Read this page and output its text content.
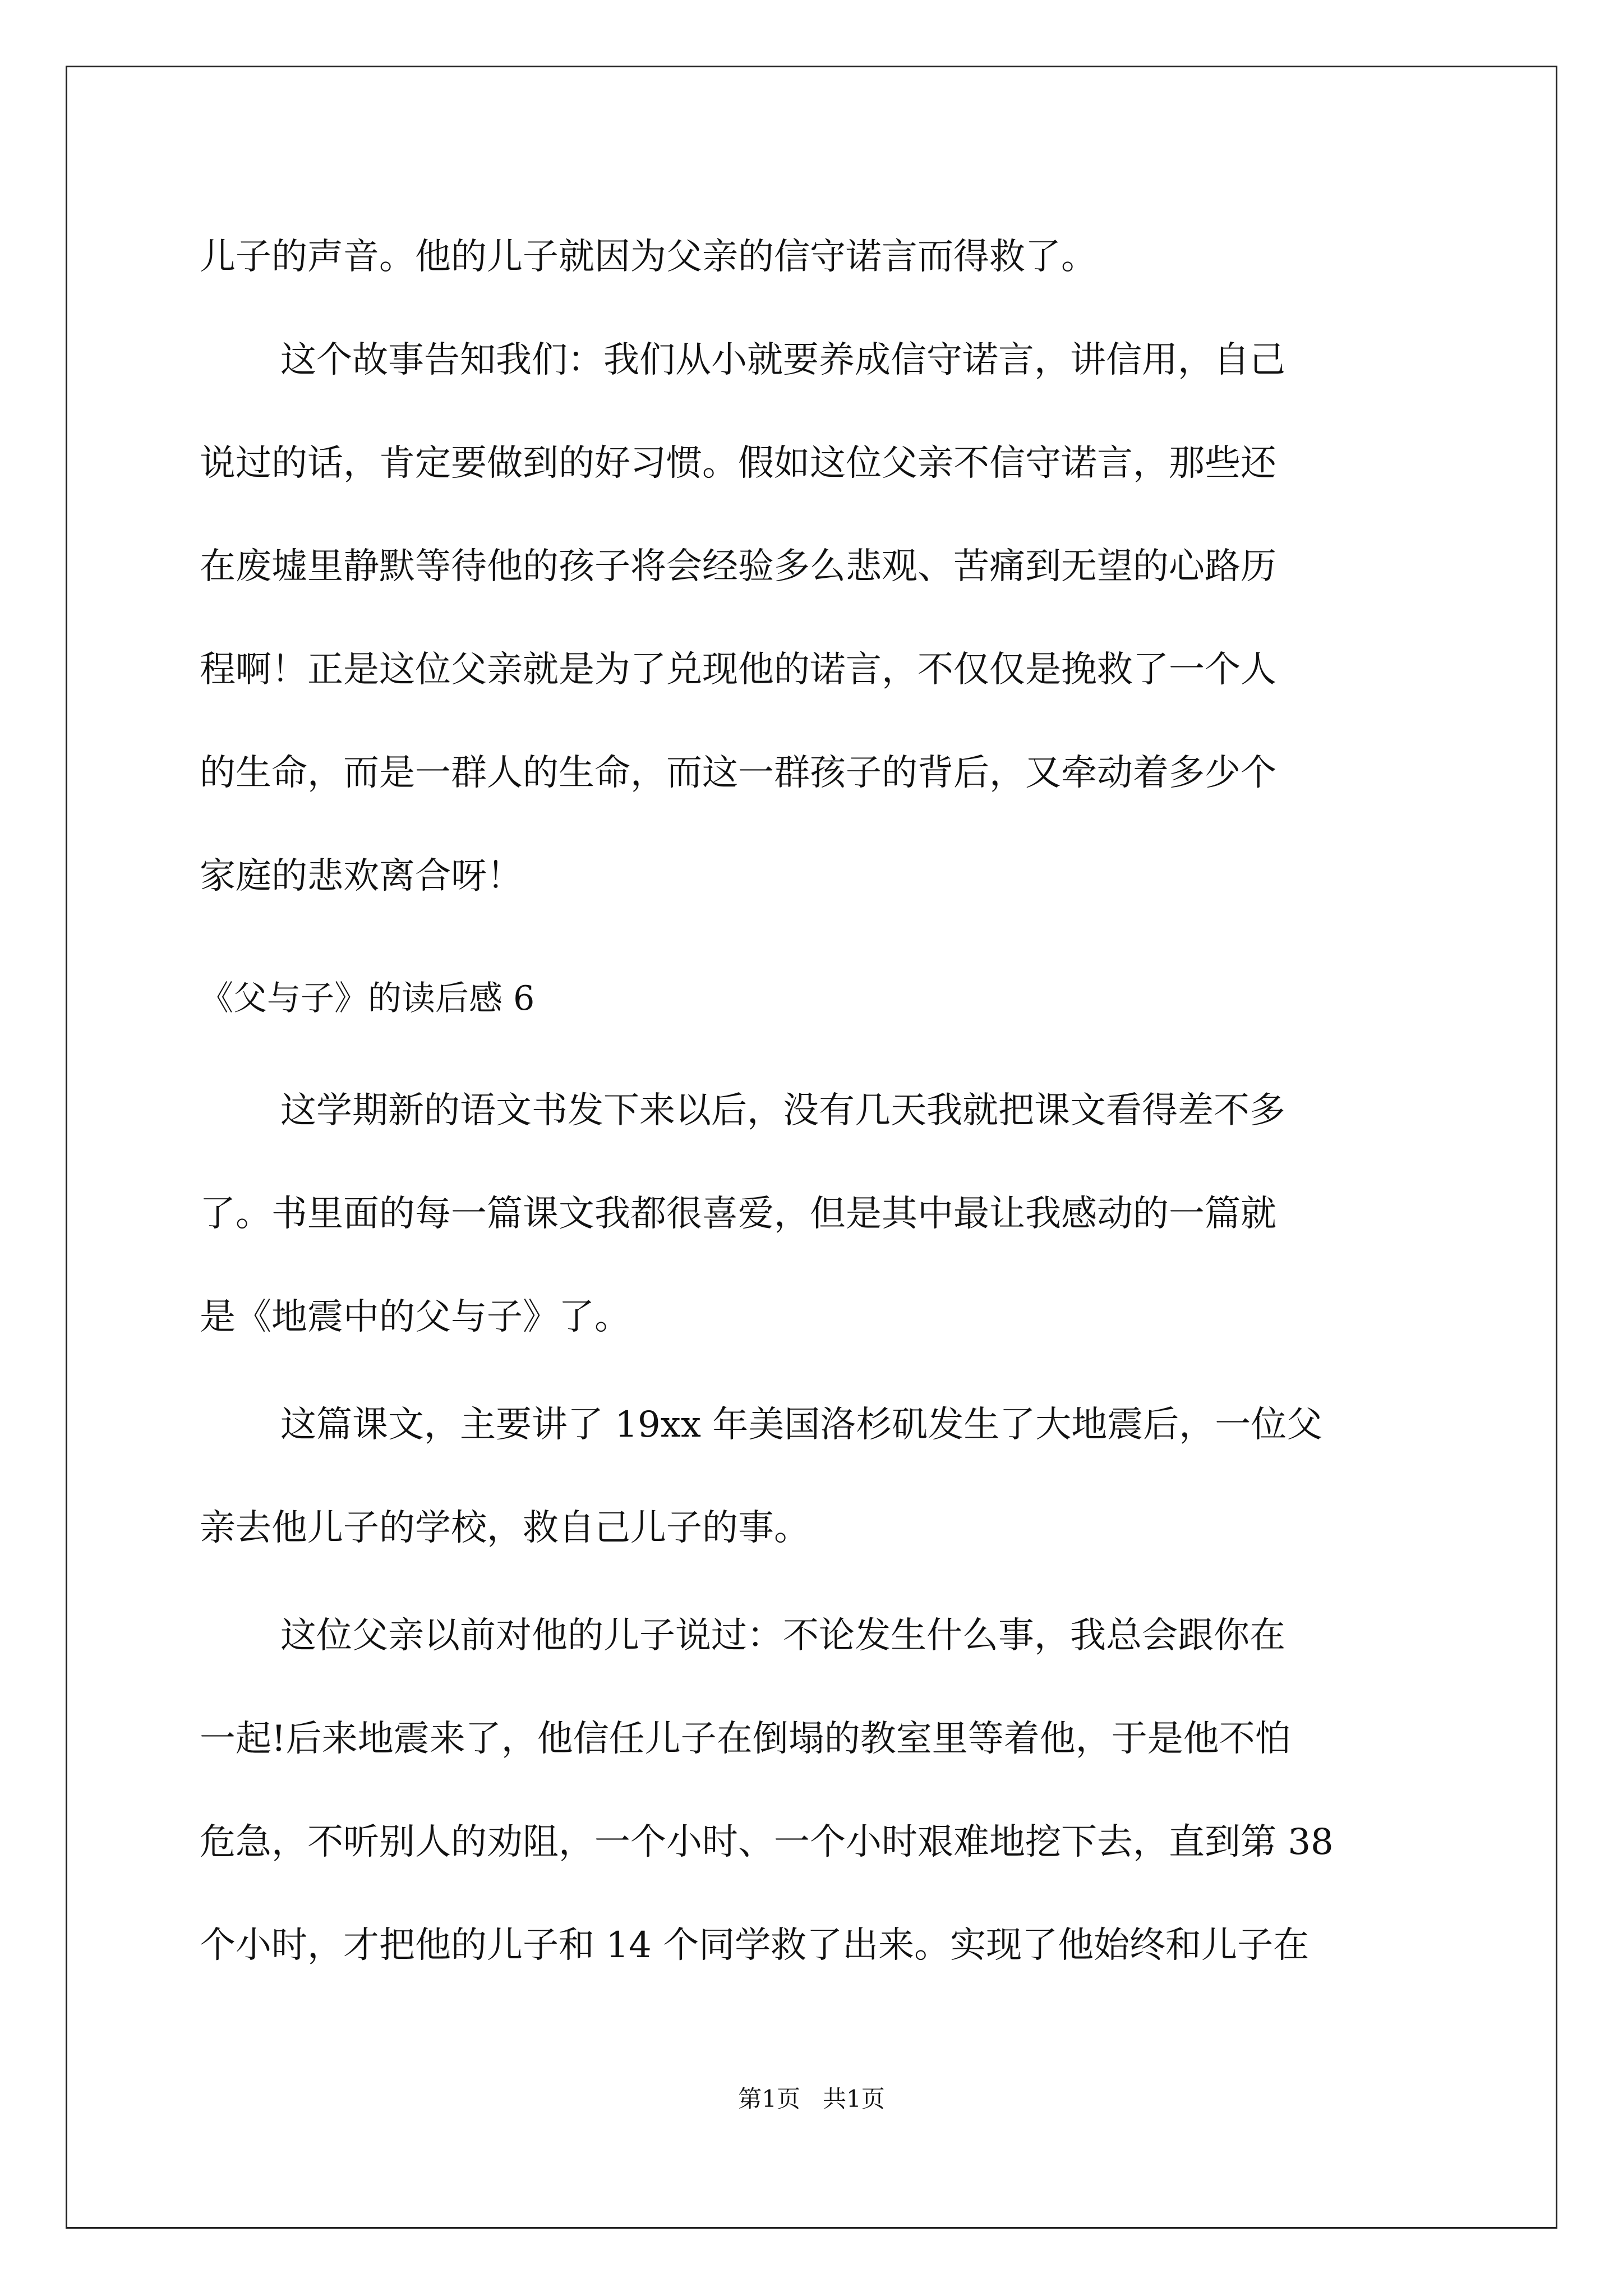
儿子的声音。他的儿子就因为父亲的信守诺言而得救了。
这个故事告知我们：我们从小就要养成信守诺言，讲信用，自己
说过的话，肯定要做到的好习惯。假如这位父亲不信守诺言，那些还
在废墟里静默等待他的孩子将会经验多么悲观、苦痛到无望的心路历
程啊！正是这位父亲就是为了兑现他的诺言，不仅仅是挽救了一个人
的生命，而是一群人的生命，而这一群孩子的背后，又牵动着多少个
家庭的悲欢离合呀！
《父与子》的读后感 6
这学期新的语文书发下来以后，没有几天我就把课文看得差不多
了。书里面的每一篇课文我都很喜爱，但是其中最让我感动的一篇就
是《地震中的父与子》了。
这篇课文，主要讲了 19xx 年美国洛杉矶发生了大地震后，一位父
亲去他儿子的学校，救自己儿子的事。
这位父亲以前对他的儿子说过：不论发生什么事，我总会跟你在
一起!后来地震来了，他信任儿子在倒塌的教室里等着他，于是他不怕
危急，不听别人的劝阻，一个小时、一个小时艰难地挖下去，直到第 38
个小时，才把他的儿子和 14 个同学救了出来。实现了他始终和儿子在
第1页   共1页
